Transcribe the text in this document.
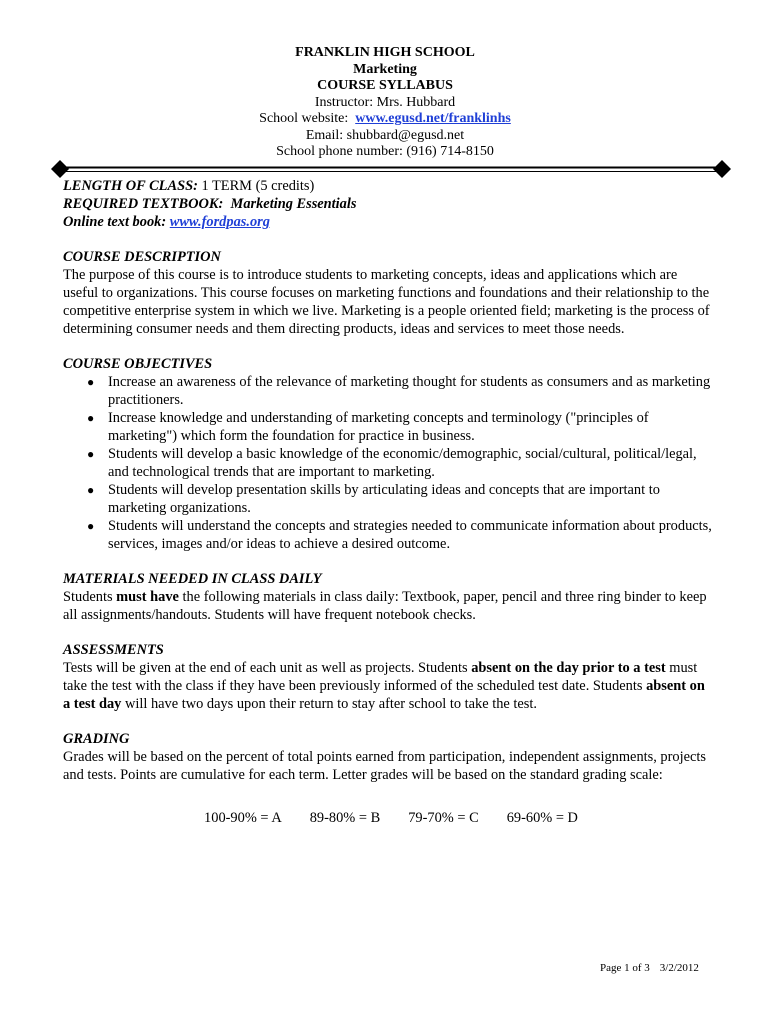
FRANKLIN HIGH SCHOOL
Marketing
COURSE SYLLABUS
Instructor: Mrs. Hubbard
School website:  www.egusd.net/franklinhs
Email: shubbard@egusd.net
School phone number: (916) 714-8150

LENGTH OF CLASS: 1 TERM (5 credits)

REQUIRED TEXTBOOK:  Marketing Essentials

Online text book: www.fordpas.org

COURSE DESCRIPTION

The purpose of this course is to introduce students to marketing concepts, ideas and applications which are useful to organizations. This course focuses on marketing functions and foundations and their relationship to the competitive enterprise system in which we live. Marketing is a people oriented field; marketing is the process of determining consumer needs and them directing products, ideas and services to meet those needs.

COURSE OBJECTIVES

● Increase an awareness of the relevance of marketing thought for students as consumers and as marketing practitioners.
● Increase knowledge and understanding of marketing concepts and terminology ("principles of marketing") which form the foundation for practice in business.
● Students will develop a basic knowledge of the economic/demographic, social/cultural, political/legal, and technological trends that are important to marketing.
● Students will develop presentation skills by articulating ideas and concepts that are important to marketing organizations.
● Students will understand the concepts and strategies needed to communicate information about products, services, images and/or ideas to achieve a desired outcome.

MATERIALS NEEDED IN CLASS DAILY

Students must have the following materials in class daily: Textbook, paper, pencil and three ring binder to keep all assignments/handouts. Students will have frequent notebook checks.

ASSESSMENTS

Tests will be given at the end of each unit as well as projects. Students absent on the day prior to a test must take the test with the class if they have been previously informed of the scheduled test date. Students absent on a test day will have two days upon their return to stay after school to take the test.

GRADING

Grades will be based on the percent of total points earned from participation, independent assignments, projects and tests. Points are cumulative for each term. Letter grades will be based on the standard grading scale:

100-90% = A 89-80% = B 79-70% = C 69-60% = D
Page 1 of 3 3/2/2012
